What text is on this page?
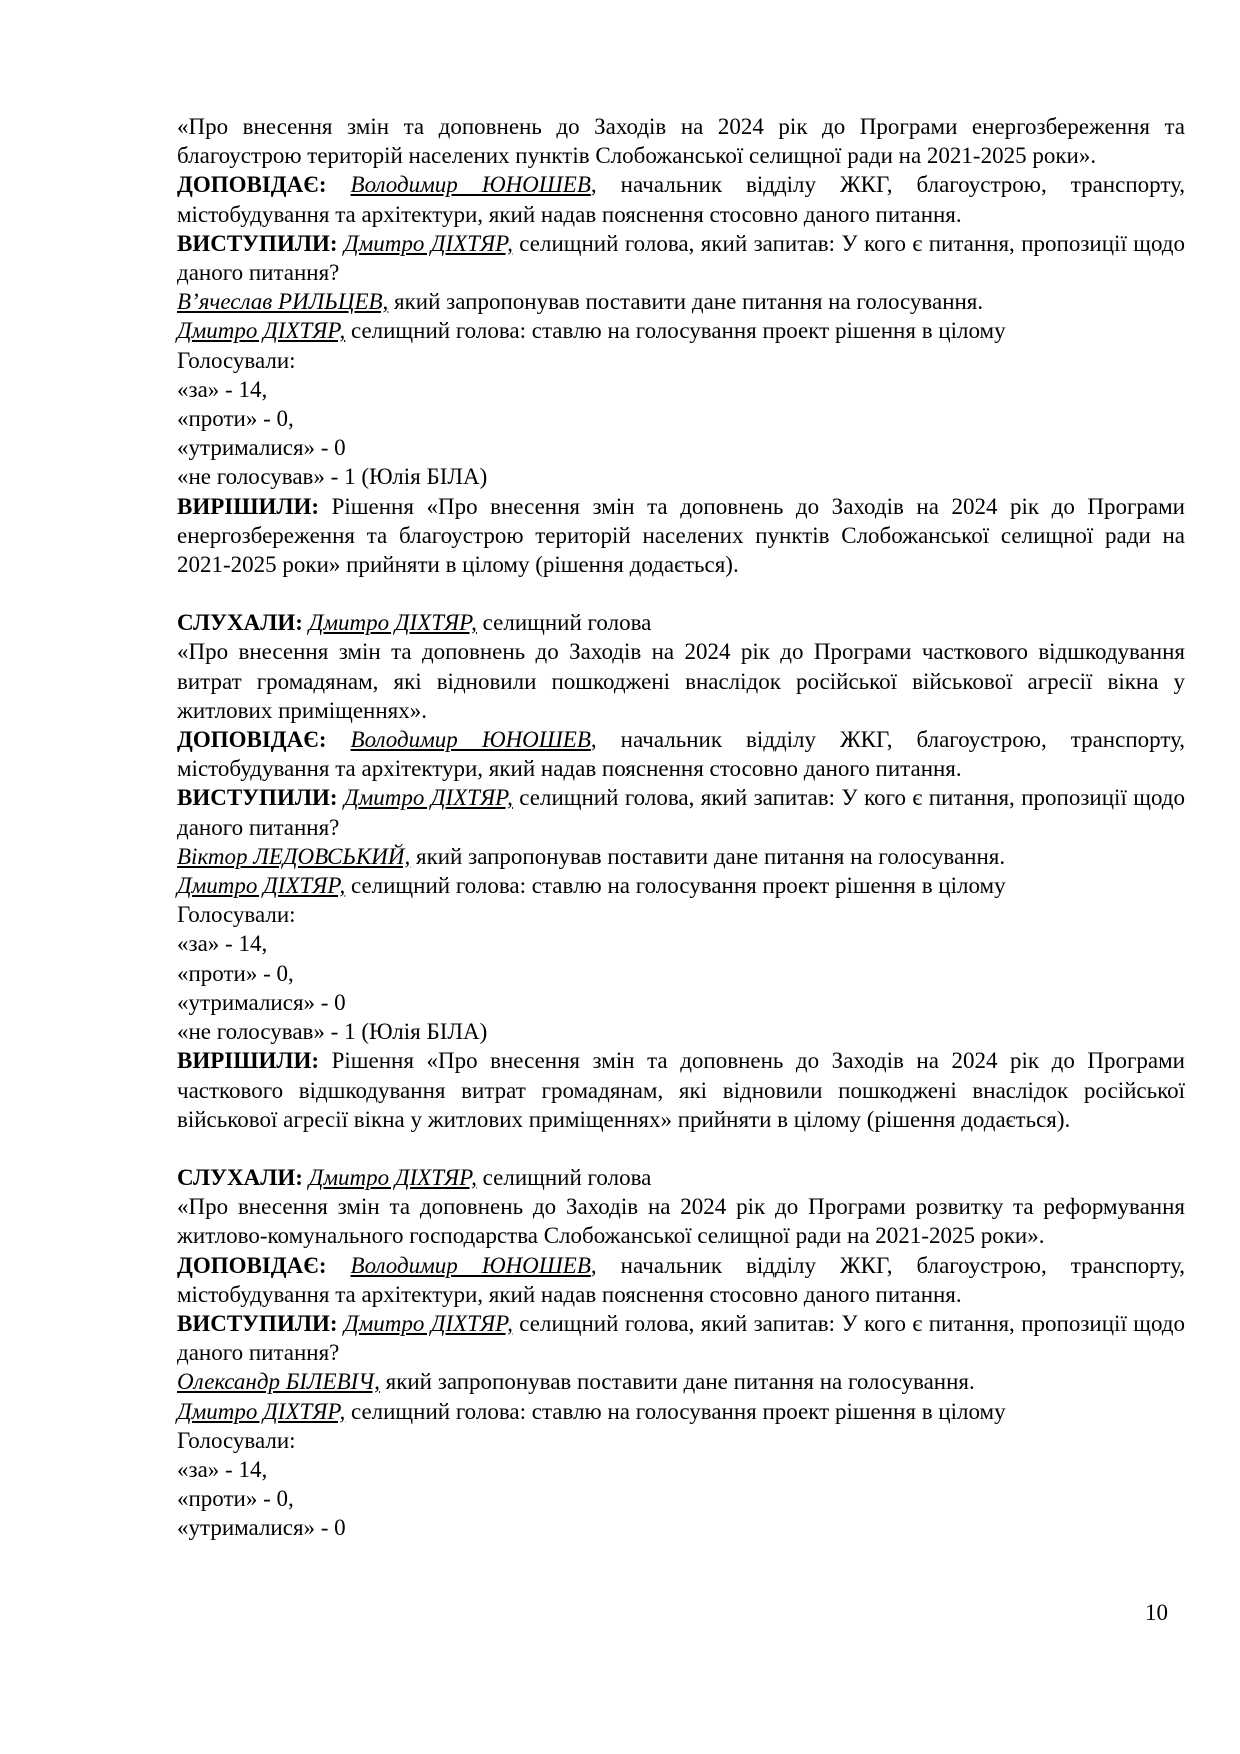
«Про внесення змін та доповнень до Заходів на 2024 рік до Програми енергозбереження та благоустрою територій населених пунктів Слобожанської селищної ради на 2021-2025 роки».

ДОПОВІДАЄ: Володимир ЮНОШЕВ, начальник відділу ЖКГ, благоустрою, транспорту, містобудування та архітектури, який надав пояснення стосовно даного питання.

ВИСТУПИЛИ: Дмитро ДІХТЯР, селищний голова, який запитав: У кого є питання, пропозиції щодо даного питання?

В’ячеслав РИЛЬЦЕВ, який запропонував поставити дане питання на голосування.

Дмитро ДІХТЯР, селищний голова: ставлю на голосування проект рішення в цілому

Голосували:

«за» - 14,

«проти» - 0,

«утрималися» - 0

«не голосував» - 1 (Юлія БІЛА)

ВИРІШИЛИ: Рішення «Про внесення змін та доповнень до Заходів на 2024 рік до Програми енергозбереження та благоустрою територій населених пунктів Слобожанської селищної ради на 2021-2025 роки» прийняти в цілому (рішення додається).

СЛУХАЛИ: Дмитро ДІХТЯР, селищний голова

«Про внесення змін та доповнень до Заходів на 2024 рік до Програми часткового відшкодування витрат громадянам, які відновили пошкоджені внаслідок російської військової агресії вікна у житлових приміщеннях».

ДОПОВІДАЄ: Володимир ЮНОШЕВ, начальник відділу ЖКГ, благоустрою, транспорту, містобудування та архітектури, який надав пояснення стосовно даного питання.

ВИСТУПИЛИ: Дмитро ДІХТЯР, селищний голова, який запитав: У кого є питання, пропозиції щодо даного питання?

Віктор ЛЕДОВСЬКИЙ, який запропонував поставити дане питання на голосування.

Дмитро ДІХТЯР, селищний голова: ставлю на голосування проект рішення в цілому

Голосували:

«за» - 14,

«проти» - 0,

«утрималися» - 0

«не голосував» - 1 (Юлія БІЛА)

ВИРІШИЛИ: Рішення «Про внесення змін та доповнень до Заходів на 2024 рік до Програми часткового відшкодування витрат громадянам, які відновили пошкоджені внаслідок російської військової агресії вікна у житлових приміщеннях» прийняти в цілому (рішення додається).

СЛУХАЛИ: Дмитро ДІХТЯР, селищний голова

«Про внесення змін та доповнень до Заходів на 2024 рік до Програми розвитку та реформування житлово-комунального господарства Слобожанської селищної ради на 2021-2025 роки».

ДОПОВІДАЄ: Володимир ЮНОШЕВ, начальник відділу ЖКГ, благоустрою, транспорту, містобудування та архітектури, який надав пояснення стосовно даного питання.

ВИСТУПИЛИ: Дмитро ДІХТЯР, селищний голова, який запитав: У кого є питання, пропозиції щодо даного питання?

Олександр БІЛЕВІЧ, який запропонував поставити дане питання на голосування.

Дмитро ДІХТЯР, селищний голова: ставлю на голосування проект рішення в цілому

Голосували:

«за» - 14,

«проти» - 0,

«утрималися» - 0

10
